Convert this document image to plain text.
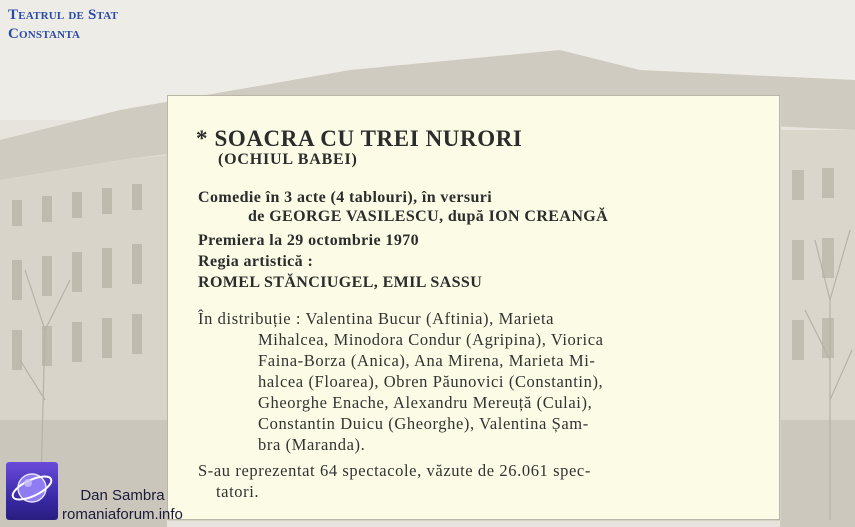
Teatrul de Stat
Constanta
* SOACRA CU TREI NURORI
(OCHIUL BABEI)
Comedie în 3 acte (4 tablouri), în versuri
de GEORGE VASILESCU, după ION CREANGĂ
Premiera la 29 octombrie 1970
Regia artistică :
ROMEL STĂNCIUGEL, EMIL SASSU
În distribuție : Valentina Bucur (Aftinia), Marieta
Mihalcea, Minodora Condur (Agripina), Viorica
Faina-Borza (Anica), Ana Mirena, Marieta Mi-
halcea (Floarea), Obren Păunovici (Constantin),
Gheorghe Enache, Alexandru Mereuță (Culai),
Constantin Duicu (Gheorghe), Valentina Șam-
bra (Maranda).
S-au reprezentat 64 spectacole, văzute de 26.061 spec-
tatori.
Dan Sambra
romaniaforum.info
